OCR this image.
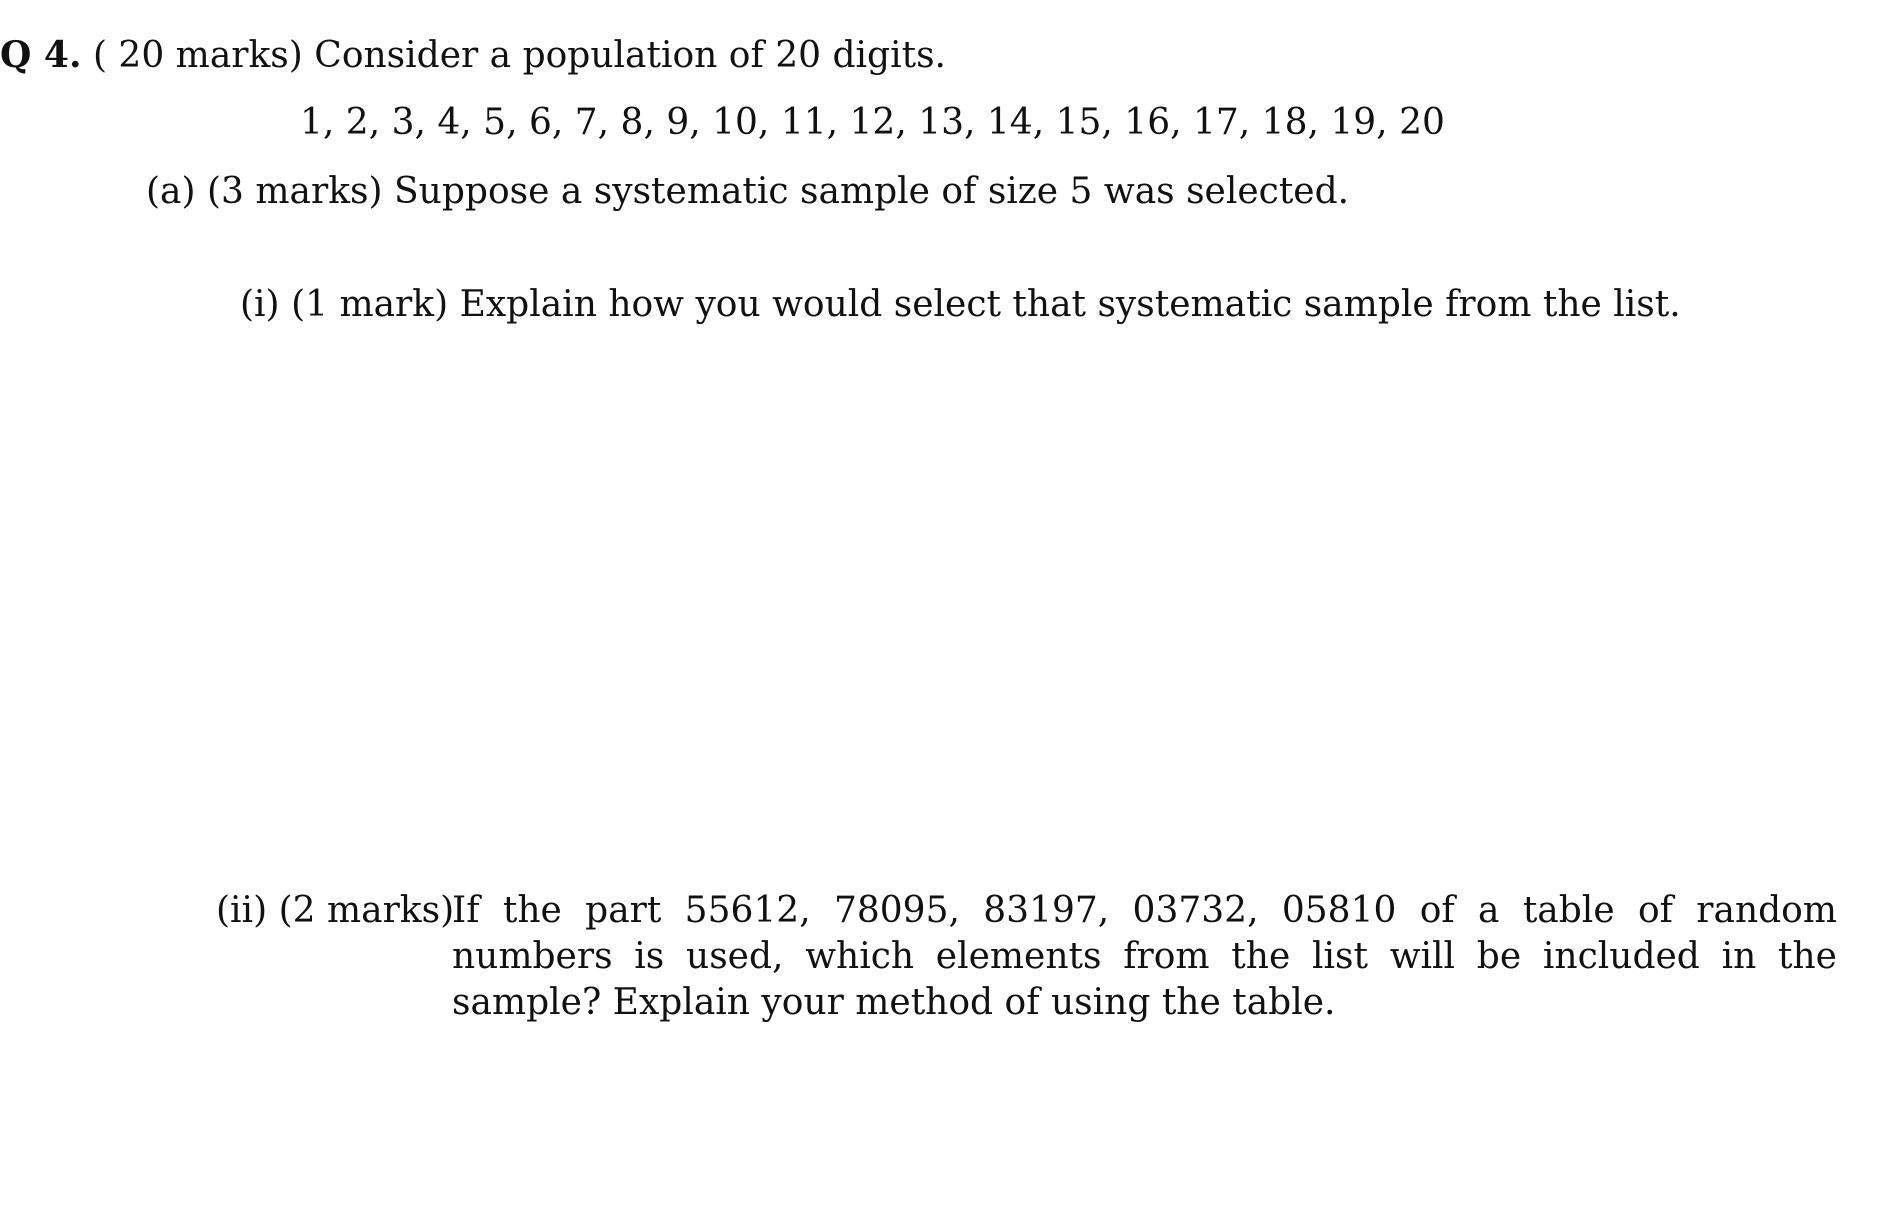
Q 4. ( 20 marks) Consider a population of 20 digits.
1, 2, 3, 4, 5, 6, 7, 8, 9, 10, 11, 12, 13, 14, 15, 16, 17, 18, 19, 20
(a) (3 marks) Suppose a systematic sample of size 5 was selected.
(i) (1 mark) Explain how you would select that systematic sample from the list.
(ii) (2 marks)
If the part 55612, 78095, 83197, 03732, 05810 of a table of random numbers is used, which elements from the list will be included in the sample? Explain your method of using the table.
